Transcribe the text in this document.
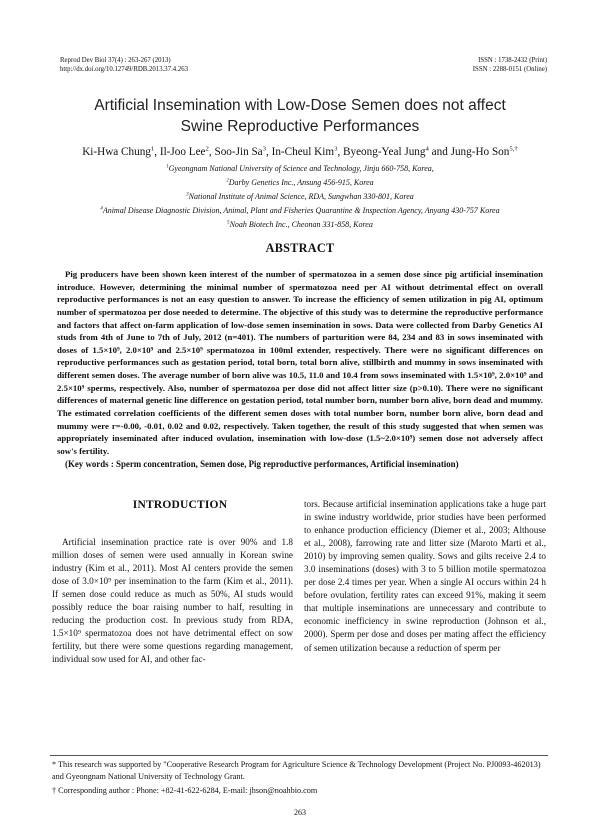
Reprod Dev Biol 37(4) : 263-267 (2013)
http://dx.doi.org/10.12749/RDB.2013.37.4.263
ISSN : 1738-2432 (Print)
ISSN : 2288-0151 (Online)
Artificial Insemination with Low-Dose Semen does not affect
Swine Reproductive Performances
Ki-Hwa Chung$^1$, Il-Joo Lee$^2$, Soo-Jin Sa$^3$, In-Cheul Kim$^3$, Byeong-Yeal Jung$^4$ and Jung-Ho Son$^{5,\dagger}$
$^1$Gyeongnam National University of Science and Technology, Jinju 660-758, Korea,
$^2$Darby Genetics Inc., Ansung 456-915, Korea
$^3$National Institute of Animal Science, RDA, Sungwhan 330-801, Korea
$^4$Animal Disease Diagnostic Division, Animal, Plant and Fisheries Quarantine & Inspection Agency, Anyang 430-757 Korea
$^5$Noah Biotech Inc., Cheonan 331-858, Korea
ABSTRACT
Pig producers have been shown keen interest of the number of spermatozoa in a semen dose since pig artificial insemination introduce. However, determining the minimal number of spermatozoa need per AI without detrimental effect on overall reproductive performances is not an easy question to answer. To increase the efficiency of semen utilization in pig AI, optimum number of spermatozoa per dose needed to determine. The objective of this study was to determine the reproductive performance and factors that affect on-farm application of low-dose semen insemination in sows. Data were collected from Darby Genetics AI studs from 4th of June to 7th of July, 2012 (n=401). The numbers of parturition were 84, 234 and 83 in sows inseminated with doses of 1.5×10⁹, 2.0×10⁹ and 2.5×10⁹ spermatozoa in 100ml extender, respectively. There were no significant differences on reproductive performances such as gestation period, total born, total born alive, stillbirth and mummy in sows inseminated with different semen doses. The average number of born alive was 10.5, 11.0 and 10.4 from sows inseminated with 1.5×10⁹, 2.0×10⁹ and 2.5×10⁹ sperms, respectively. Also, number of spermatozoa per dose did not affect litter size (p>0.10). There were no significant differences of maternal genetic line difference on gestation period, total number born, number born alive, born dead and mummy. The estimated correlation coefficients of the different semen doses with total number born, number born alive, born dead and mummy were r=-0.00, -0.01, 0.02 and 0.02, respectively. Taken together, the result of this study suggested that when semen was appropriately inseminated after induced ovulation, insemination with low-dose (1.5~2.0×10⁹) semen dose not adversely affect sow's fertility.
(Key words : Sperm concentration, Semen dose, Pig reproductive performances, Artificial insemination)
INTRODUCTION
Artificial insemination practice rate is over 90% and 1.8 million doses of semen were used annually in Korean swine industry (Kim et al., 2011). Most AI centers provide the semen dose of 3.0×10⁹ per insemination to the farm (Kim et al., 2011). If semen dose could reduce as much as 50%, AI studs would possibly reduce the boar raising number to half, resulting in reducing the production cost. In previous study from RDA, 1.5×10⁹ spermatozoa does not have detrimental effect on sow fertility, but there were some questions regarding management, individual sow used for AI, and other fac-
tors. Because artificial insemination applications take a huge part in swine industry worldwide, prior studies have been performed to enhance production efficiency (Diemer et al., 2003; Althouse et al., 2008), farrowing rate and litter size (Maroto Marti et al., 2010) by improving semen quality. Sows and gilts receive 2.4 to 3.0 inseminations (doses) with 3 to 5 billion motile spermatozoa per dose 2.4 times per year. When a single AI occurs within 24 h before ovulation, fertility rates can exceed 91%, making it seem that multiple inseminations are unnecessary and contribute to economic inefficiency in swine reproduction (Johnson et al., 2000). Sperm per dose and doses per mating affect the efficiency of semen utilization because a reduction of sperm per
* This research was supported by "Cooperative Research Program for Agriculture Science & Technology Development (Project No. PJ0093-462013) and Gyeongnam National University of Technology Grant.
† Corresponding author : Phone: +82-41-622-6284, E-mail: jhson@noahbio.com
263
